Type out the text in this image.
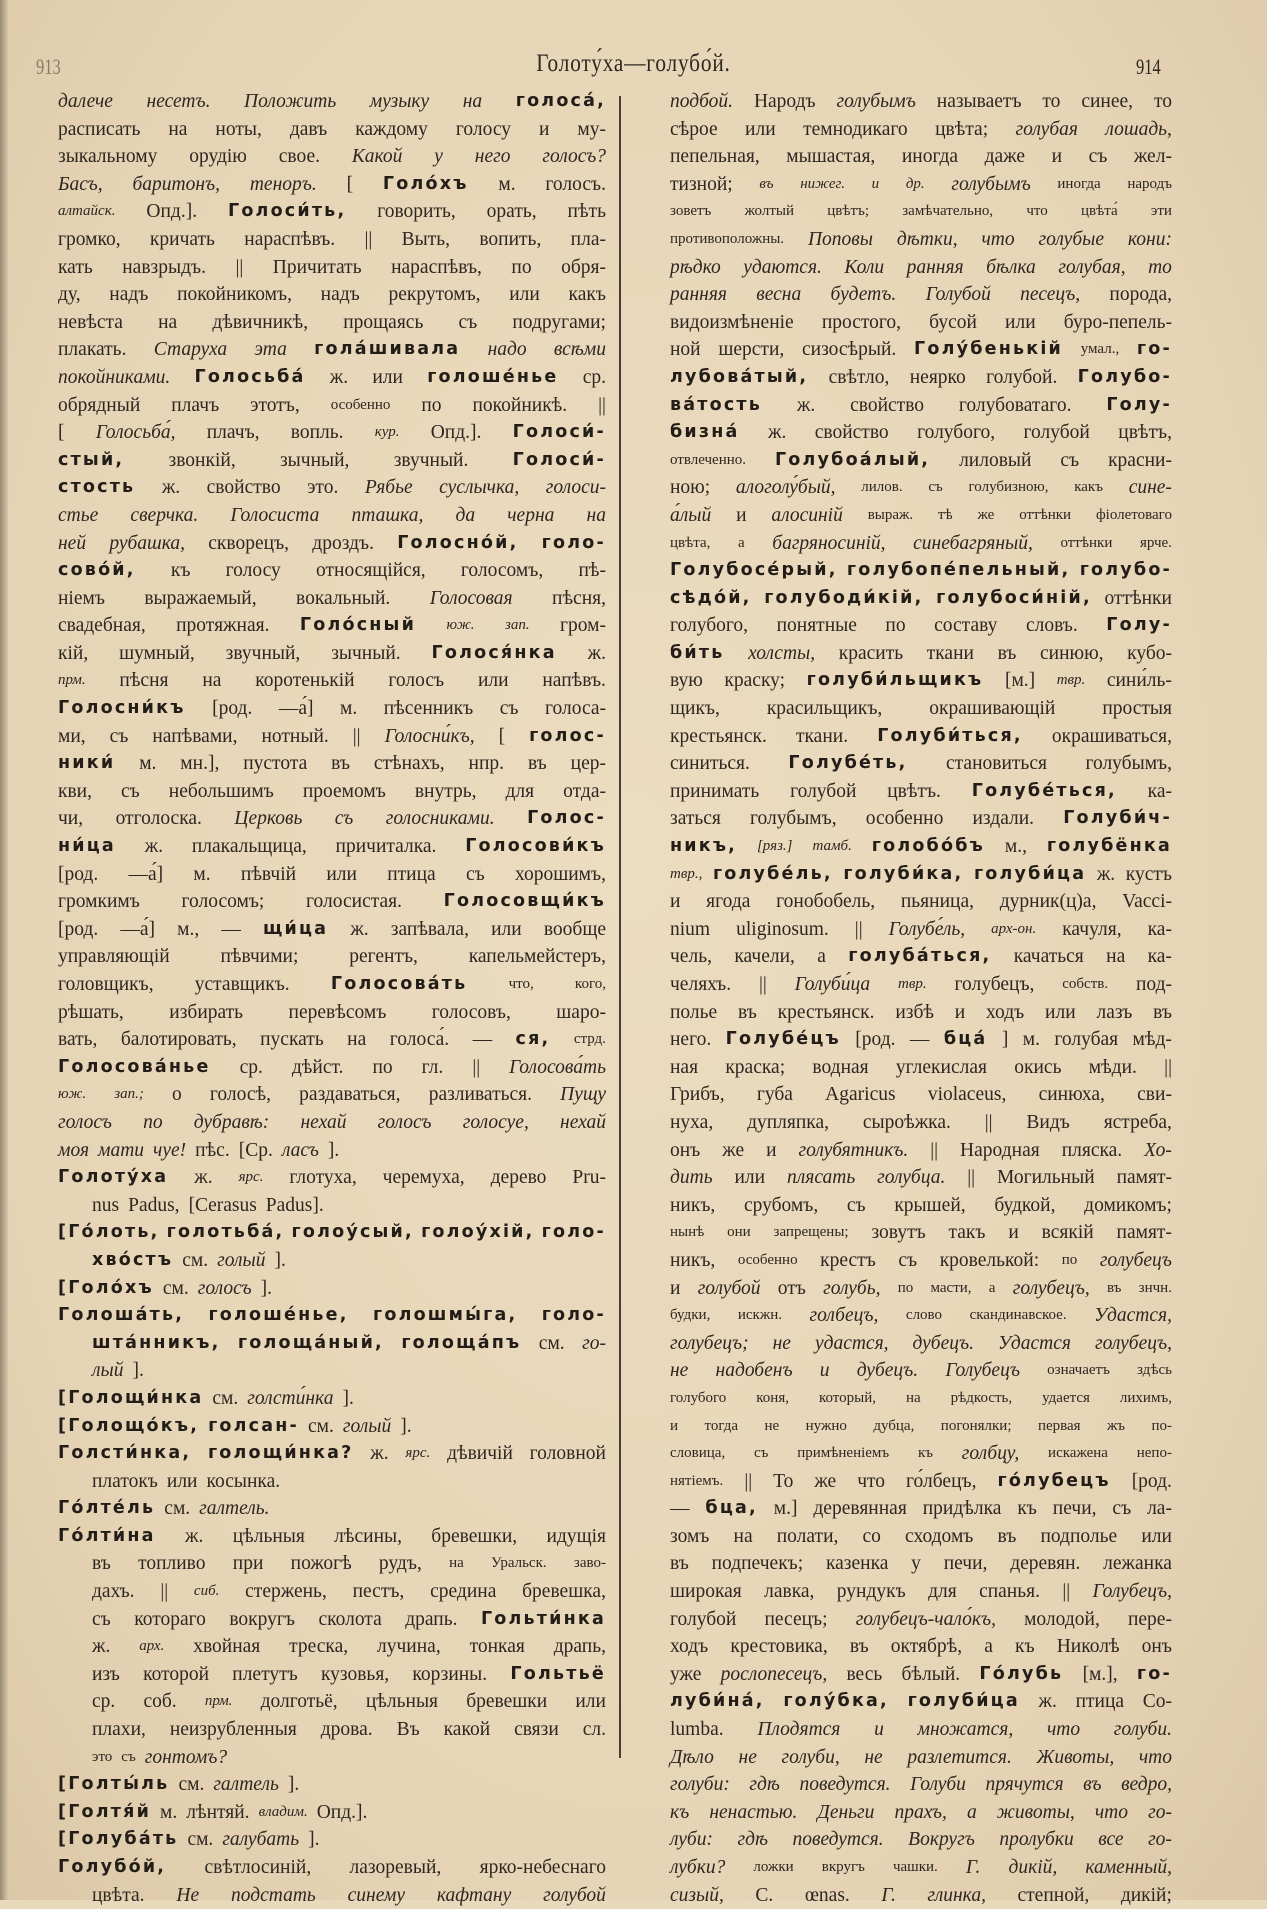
913	Голоту́ха—голубо́й.	914
далече несетъ. Положить музыку на голоса́,
расписать на ноты, давъ каждому голосу и му-
зыкальному орудію свое. Какой у него голосъ?
Басъ, баритонъ, теноръ. [ Голо́хъ м. голосъ.
алтайск. Опд.]. Голоси́ть, говорить, орать, пѣть
громко, кричать нараспѣвъ. || Выть, вопить, пла-
кать навзрыдъ. || Причитать нараспѣвъ, по обря-
ду, надъ покойникомъ, надъ рекрутомъ, или какъ
невѣста на дѣвичникѣ, прощаясь съ подругами;
плакать. Старуха эта гола́шивала надо всѣми
покойниками. Голосьба́ ж. или голоше́нье ср.
обрядный плачъ этотъ, особенно по покойникѣ. ||
[ Голосьба́, плачъ, вопль. кур. Опд.]. Голоси́-
стый, звонкій, зычный, звучный.	Голоси́-
стость ж. свойство это. Рябье суслычка, голоси-
стье сверчка. Голосиста пташка, да черна на
ней рубашка, скворецъ, дроздъ. Голосно́й, голо-
сово́й, къ голосу относящійся, голосомъ, пѣ-
ніемъ выражаемый, вокальный. Голосовая пѣсня,
свадебная, протяжная. Голо́сный юж. зап. гром-
кій, шумный, звучный, зычный. Голося́нка ж.
прм. пѣсня на коротенькій голосъ или напѣвъ.
Голосни́къ [род. —а́] м. пѣсенникъ съ голоса-
ми, съ напѣвами, нотный. || Голосни́къ, [ голос-
ники́ м. мн.], пустота въ стѣнахъ, нпр. въ цер-
кви, съ небольшимъ проемомъ внутрь, для отда-
чи, отголоска. Церковь съ голосниками. Голос-
ни́ца ж. плакальщица, причиталка. Голосови́къ
[род. —а́] м. пѣвчій или птица съ хорошимъ,
громкимъ голосомъ; голосистая. Голосовщи́къ
[род. —а́] м., — щи́ца ж. запѣвала, или вообще
управляющій	пѣвчими;	регентъ,	капельмейстеръ,
головщикъ, уставщикъ. Голосова́ть	что,	кого,
рѣшать, избирать перевѣсомъ голосовъ, шаро-
вать, балотировать, пускать на голоса́. — ся, стрд.
Голосова́нье ср. дѣйст. по гл. || Голосова́ть
юж. зап.; о голосѣ, раздаваться, разливаться. Пущу
голосъ по дубравѣ: нехай голосъ голосуе, нехай
моя мати чуе! пѣс. [Ср. ласъ ].
Голоту́ха ж. ярс. глотуха, черемуха, дерево Pru-
nus Padus, [Cerasus Padus].
[Го́лоть, голотьба́, голоу́сый, голоу́хій, голо-
хво́стъ см. голый ].
[Голо́хъ см. голосъ ].
Голоша́ть, голоше́нье, голошмы́га, голо-
шта́нникъ, голоща́ный, голоща́пъ см. го-
лый ].
[Голощи́нка см. голсти́нка ].
[Голощо́къ, голсан- см. голый ].
Голсти́нка, голощи́нка? ж. ярс. дѣвичій головной
платокъ или косынка.
Го́лте́ль см. галтель.
Го́лти́на ж. цѣльныя лѣсины, бревешки, идущія
въ топливо при пожогѣ рудъ, на Уральск. заво-
дахъ. || сиб. стержень, пестъ, средина бревешка,
съ котораго вокругъ сколота драпь. Гольти́нка
ж. арх. хвойная треска, лучина, тонкая драпь,
изъ которой плетутъ кузовья, корзины. Гольтьё
ср. соб. прм. долготьё, цѣльныя бревешки или
плахи, неизрубленныя дрова. Въ какой связи сл.
это съ гонтомъ?
[Голты́ль см. галтель ].
[Голтя́й м. лѣнтяй. владим. Опд.].
[Голуба́ть см. галубать ].
Голубо́й, свѣтлосиній, лазоревый, ярко-небеснаго
цвѣта. Не подстать синему кафтану голубой
подбой. Народъ голубымъ называетъ то синее, то
сѣрое или темнодикаго цвѣта; голубая лошадь,
пепельная, мышастая, иногда даже и съ жел-
тизной; въ нижег. и др. голубымъ иногда народъ
зоветъ жолтый цвѣтъ; замѣчательно, что цвѣта́ эти
противоположны. Поповы дѣтки, что голубые кони:
рѣдко удаются. Коли ранняя бѣлка голубая, то
ранняя весна будетъ. Голубой песецъ, порода,
видоизмѣненіе простого, бусой или буро-пепель-
ной шерсти, сизосѣрый. Голу́бенькій умал., го-
лубова́тый, свѣтло, неярко голубой. Голубо-
ва́тость ж. свойство голубоватаго. Голу-
бизна́ ж. свойство голубого, голубой цвѣтъ,
отвлеченно. Голубоа́лый, лиловый съ красни-
ною; алоголу́бый, лилов. съ голубизною, какъ сине-
а́лый и алосиній выраж. тѣ же оттѣнки фіолетоваго
цвѣта, а багряносиній, синебагряный, оттѣнки ярче.
Голубосе́рый, голубопе́пельный, голубо-
сѣдо́й, голубоди́кій, голубоси́ній, оттѣнки
голубого, понятные по составу словъ. Голу-
би́ть холсты, красить ткани въ синюю, кубо-
вую краску; голуби́льщикъ [м.] твр. сини́ль-
щикъ, красильщикъ, окрашивающій простыя
крестьянск. ткани. Голуби́ться, окрашиваться,
синиться. Голубе́ть, становиться голубымъ,
принимать голубой цвѣтъ. Голубе́ться, ка-
заться голубымъ, особенно издали. Голуби́ч-
никъ, [ряз.] тамб. голобо́бъ м., голубёнка
твр., голубе́ль, голуби́ка, голуби́ца ж. кустъ
и ягода гонобобель, пьяница, дурник(ц)а, Vacci-
nium uliginosum. || Голубе́ль, арх-он. качуля, ка-
чель, качели, а голуба́ться, качаться на ка-
челяхъ. || Голуби́ца твр. голубецъ, собств. под-
полье въ крестьянск. избѣ и ходъ или лазъ въ
него. Голубе́цъ [род. — бца́ ] м. голубая мѣд-
ная краска; водная углекислая окись мѣди. ||
Грибъ, губа Agaricus violaceus, синюха, сви-
нуха, дупляпка, сыроѣжка. || Видъ ястреба,
онъ же и голубятникъ. || Народная пляска. Хо-
дить или плясать голубца. || Могильный памят-
никъ, срубомъ, съ крышей, будкой, домикомъ;
нынѣ они запрещены; зовутъ такъ и всякій памят-
никъ, особенно крестъ съ кровелькой: по голубецъ
и голубой отъ голубь, по масти, а голубецъ, въ знчн.
будки, искжн. голбецъ, слово скандинавское. Удастся,
голубецъ; не удастся, дубецъ. Удастся голубецъ,
не надобенъ и дубецъ. Голубецъ означаетъ здѣсь
голубого коня, который, на рѣдкость, удается лихимъ,
и тогда не нужно дубца, погонялки; первая жъ по-
словица, съ примѣненіемъ къ голбцу, искажена непо-
нятіемъ. || То же что го́лбецъ, го́лубецъ [род.
— бца, м.] деревянная придѣлка къ печи, съ ла-
зомъ на полати, со сходомъ въ подполье или
въ подпечекъ; казенка у печи, деревян. лежанка
широкая лавка, рундукъ для спанья. || Голубецъ,
голубой песецъ; голубецъ-чало́къ, молодой, пере-
ходъ крестовика, въ октябрѣ, а къ Николѣ онъ
уже рослопесецъ, весь бѣлый. Го́лубь [м.], го-
луби́на́, голу́бка, голуби́ца ж. птица Co-
lumba. Плодятся и множатся, что голуби.
Дѣло не голуби, не разлетится. Животы, что
голуби: гдѣ поведутся. Голуби прячутся въ ведро,
къ ненастью. Деньги прахъ, а животы, что го-
луби: гдѣ поведутся. Вокругъ пролубки все го-
лубки? ложки вкругъ чашки. Г. дикій, каменный,
сизый, C. œnas. Г. глинка, степной, дикій;
